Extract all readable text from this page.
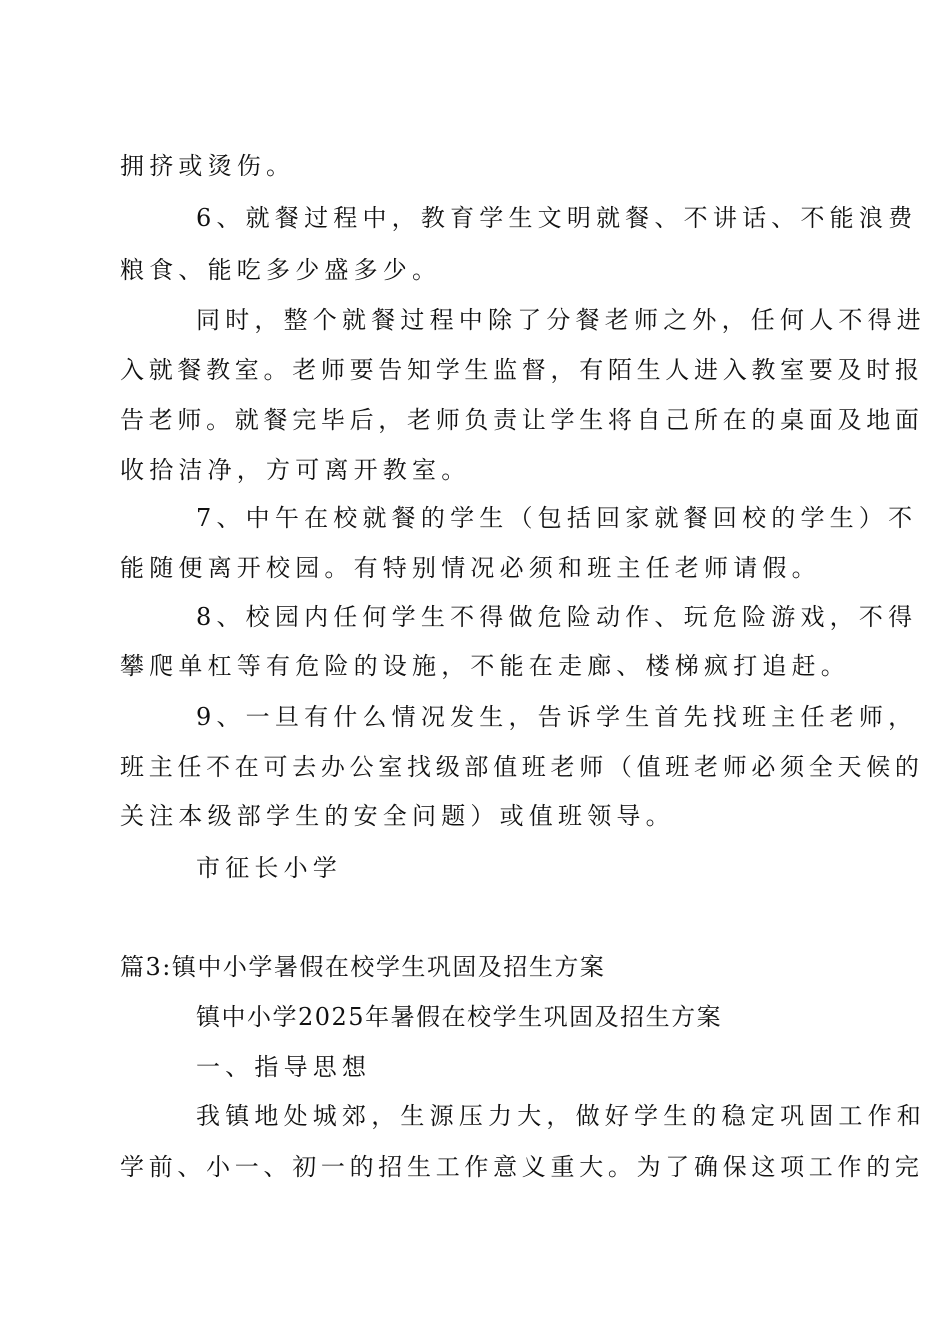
拥挤或烫伤。
6、就餐过程中，教育学生文明就餐、不讲话、不能浪费
粮食、能吃多少盛多少。
同时，整个就餐过程中除了分餐老师之外，任何人不得进
入就餐教室。老师要告知学生监督，有陌生人进入教室要及时报
告老师。就餐完毕后，老师负责让学生将自己所在的桌面及地面
收拾洁净，方可离开教室。
7、中午在校就餐的学生（包括回家就餐回校的学生）不
能随便离开校园。有特别情况必须和班主任老师请假。
8、校园内任何学生不得做危险动作、玩危险游戏，不得
攀爬单杠等有危险的设施，不能在走廊、楼梯疯打追赶。
9、一旦有什么情况发生，告诉学生首先找班主任老师，
班主任不在可去办公室找级部值班老师（值班老师必须全天候的
关注本级部学生的安全问题）或值班领导。
市征长小学
篇3:镇中小学暑假在校学生巩固及招生方案
镇中小学2025年暑假在校学生巩固及招生方案
一、指导思想
我镇地处城郊，生源压力大，做好学生的稳定巩固工作和
学前、小一、初一的招生工作意义重大。为了确保这项工作的完
